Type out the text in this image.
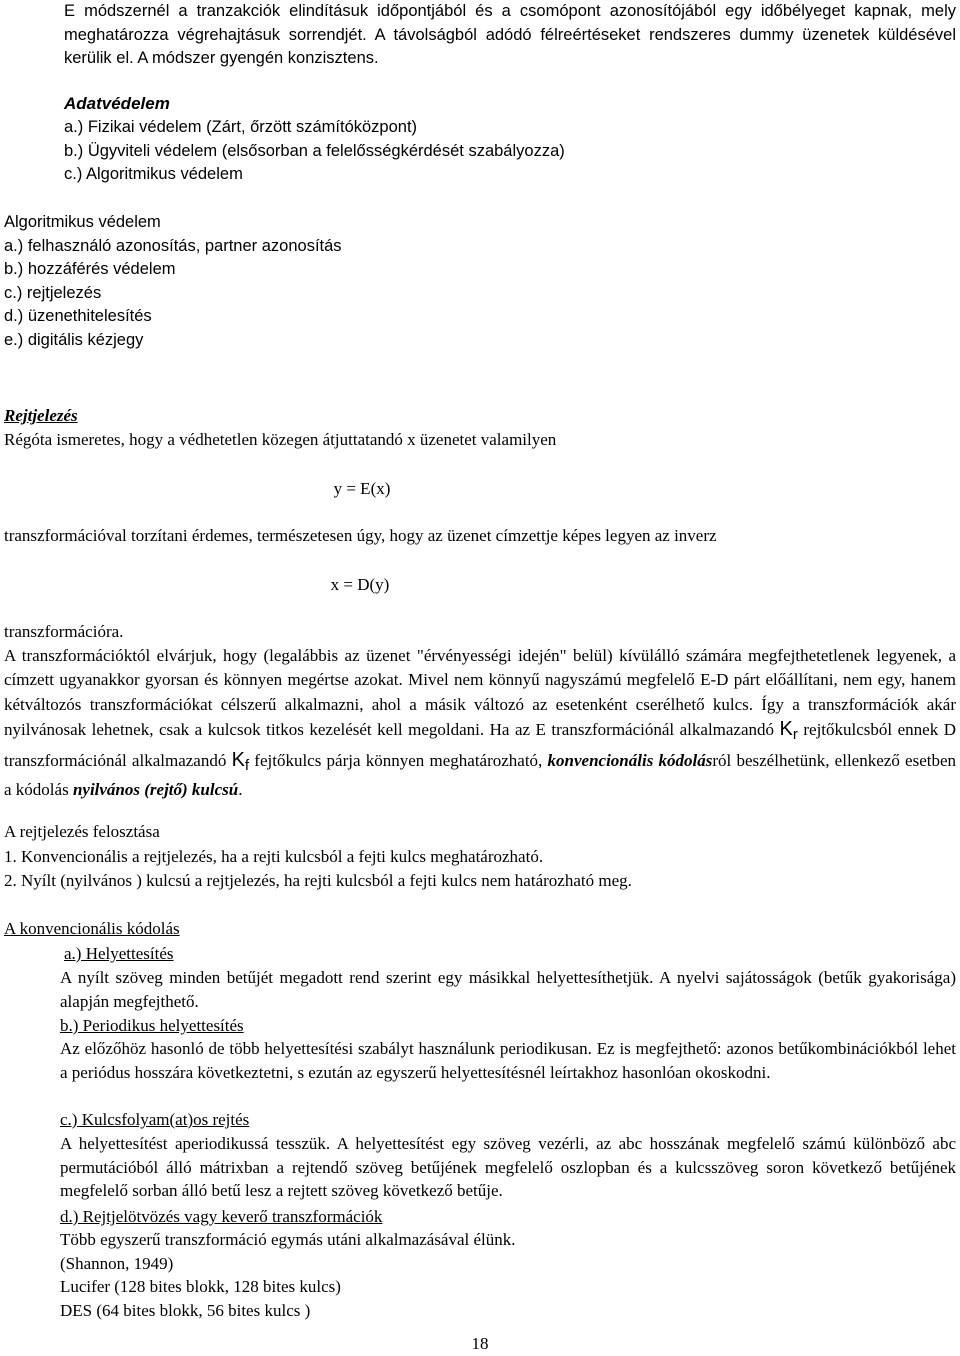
E módszernél a tranzakciók elindításuk időpontjából és a csomópont azonosítójából egy időbélyeget kapnak, mely meghatározza végrehajtásuk sorrendjét. A távolságból adódó félreértéseket rendszeres dummy üzenetek küldésével kerülik el. A módszer gyengén konzisztens.

Adatvédelem
a.) Fizikai védelem (Zárt, őrzött számítóközpont)
b.) Ügyviteli védelem (elsősorban a felelősségkérdését szabályozza)
c.) Algoritmikus védelem
Algoritmikus védelem
a.) felhasználó azonosítás, partner azonosítás
b.) hozzáférés védelem
c.) rejtjelezés
d.) üzenethitelesítés
e.) digitális kézjegy
Rejtjelezés
Régóta ismeretes, hogy a védhetetlen közegen átjuttatandó x üzenetet valamilyen
y = E(x)
transzformációval torzítani érdemes, természetesen úgy, hogy az üzenet címzettje képes legyen az inverz
x = D(y)
transzformációra.

A transzformációktól elvárjuk, hogy (legalábbis az üzenet "érvényességi idején" belül) kívülálló számára megfejthetetlenek legyenek, a címzett ugyanakkor gyorsan és könnyen megértse azokat. Mivel nem könnyű nagyszámú megfelelő E-D párt előállítani, nem egy, hanem kétváltozós transzformációkat célszerű alkalmazni, ahol a másik változó az esetenként cserélhető kulcs. Így a transzformációk akár nyilvánosak lehetnek, csak a kulcsok titkos kezelését kell megoldani. Ha az E transzformációnál alkalmazandó $K_r$ rejtőkulcsból ennek D transzformációnál alkalmazandó $K_f$ fejtőkulcs párja könnyen meghatározható, konvencionális kódolásról beszélhetünk, ellenkező esetben a kódolás nyilvános (rejtő) kulcsú.

A rejtjelezés felosztása
1. Konvencionális a rejtjelezés, ha a rejti kulcsból a fejti kulcs meghatározható.
2. Nyílt (nyilvános ) kulcsú a rejtjelezés, ha rejti kulcsból a fejti kulcs nem határozható meg.
A konvencionális kódolás
a.) Helyettesítés

A nyílt szöveg minden betűjét megadott rend szerint egy másikkal helyettesíthetjük. A nyelvi sajátosságok (betűk gyakorisága) alapján megfejthető.

b.) Periodikus helyettesítés

Az előzőhöz hasonló de több helyettesítési szabályt használunk periodikusan. Ez is megfejthető: azonos betűkombinációkból lehet a periódus hosszára következtetni, s ezután az egyszerű helyettesítésnél leírtakhoz hasonlóan okoskodni.

c.) Kulcsfolyam(at)os rejtés

A helyettesítést aperiodikussá tesszük. A helyettesítést egy szöveg vezérli, az abc hosszának megfelelő számú különböző abc permutációból álló mátrixban a rejtendő szöveg betűjének megfelelő oszlopban és a kulcsszöveg soron következő betűjének megfelelő sorban álló betű lesz a rejtett szöveg következő betűje.

d.) Rejtjelötvözés vagy keverő transzformációk
Több egyszerű transzformáció egymás utáni alkalmazásával élünk.
(Shannon, 1949)
Lucifer (128 bites blokk, 128 bites kulcs)
DES (64 bites blokk, 56 bites kulcs )
18
